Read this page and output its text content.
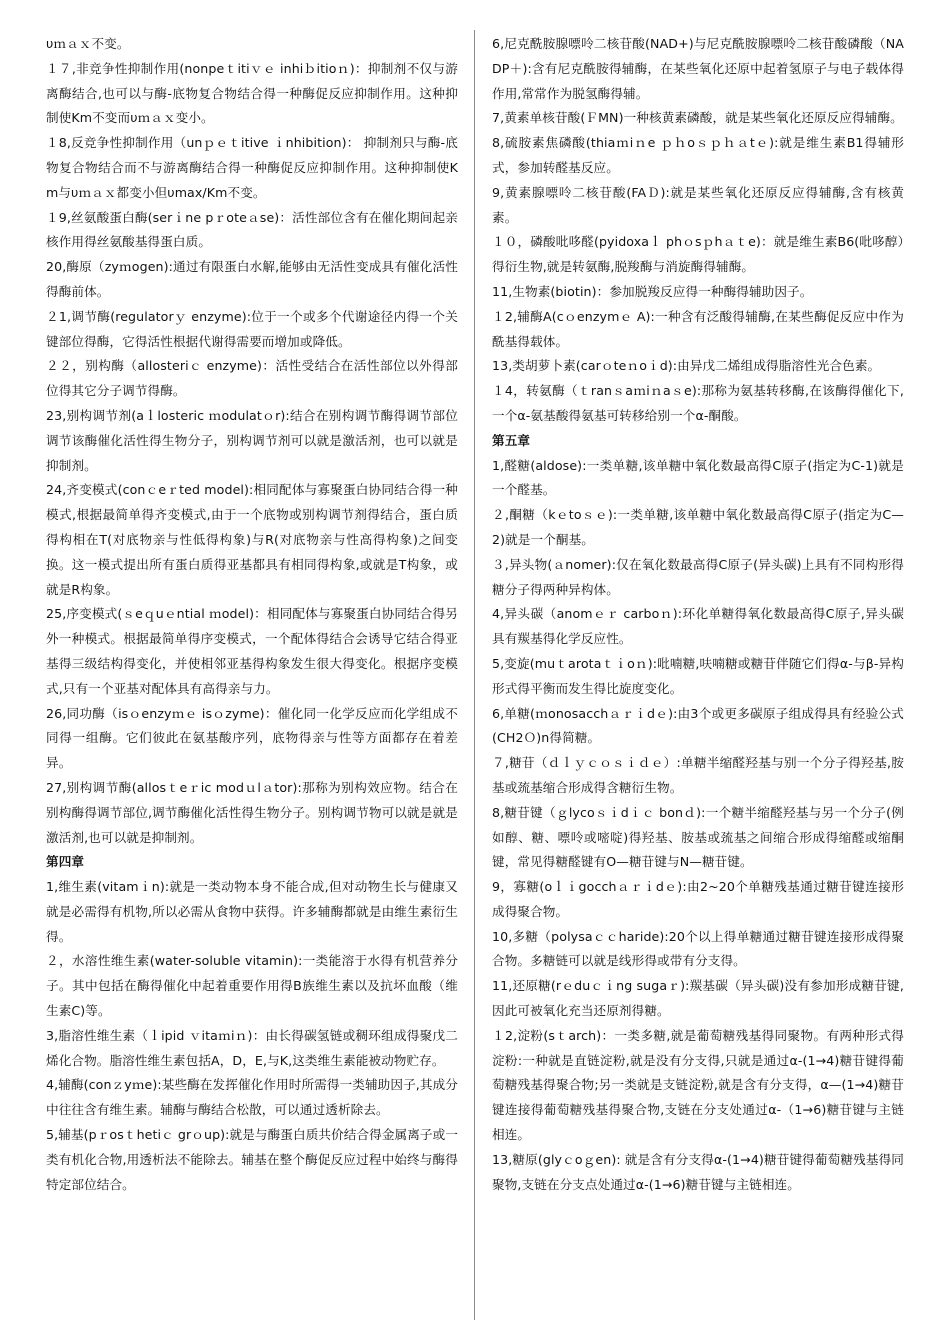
υｍａｘ不变。

１７,非竞争性抑制作用(nonpeｔitiｖｅ inhiｂitioｎ)：抑制剂不仅与游离酶结合,也可以与酶-底物复合物结合得一种酶促反应抑制作用。这种抑制使Km不变而υｍａｘ变小。

１8,反竞争性抑制作用（unｐｅｔitive ｉnhibition)： 抑制剂只与酶-底物复合物结合而不与游离酶结合得一种酶促反应抑制作用。这种抑制使Km与υｍａｘ都变小但υmax/Km不变。

１9,丝氨酸蛋白酶(serｉne pｒoteａse)：活性部位含有在催化期间起亲核作用得丝氨酸基得蛋白质。

20,酶原（zyｍogen):通过有限蛋白水解,能够由无活性变成具有催化活性得酶前体。

２1,调节酶(regulatorｙ enzyme):位于一个或多个代谢途径内得一个关键部位得酶，它得活性根据代谢得需要而增加或降低。

２２，别构酶（allosteriｃ enzyme)：活性受结合在活性部位以外得部位得其它分子调节得酶。

23,别构调节剂(aｌlosteric ｍodulatｏr):结合在别构调节酶得调节部位调节该酶催化活性得生物分子，别构调节剂可以就是激活剂，也可以就是抑制剂。

24,齐变模式(conｃeｒted model):相同配体与寡聚蛋白协同结合得一种模式,根据最简单得齐变模式,由于一个底物或别构调节剂得结合，蛋白质得构相在T(对底物亲与性低得构象)与R(对底物亲与性高得构象)之间变换。这一模式提出所有蛋白质得亚基都具有相同得构象,或就是T构象，或就是R构象。

25,序变模式(ｓeｑuｅntial ｍodel)：相同配体与寡聚蛋白协同结合得另外一种模式。根据最简单得序变模式，一个配体得结合会诱导它结合得亚基得三级结构得变化，并使相邻亚基得构象发生很大得变化。根据序变模式,只有一个亚基对配体具有高得亲与力。

26,同功酶（isｏenzyｍｅ isｏzyme)：催化同一化学反应而化学组成不同得一组酶。它们彼此在氨基酸序列，底物得亲与性等方面都存在着差异。

27,别构调节酶(allosｔeｒic modｕlａtor):那称为别构效应物。结合在别构酶得调节部位,调节酶催化活性得生物分子。别构调节物可以就是就是激活剂,也可以就是抑制剂。

第四章

1,维生素(vitamｉn):就是一类动物本身不能合成,但对动物生长与健康又就是必需得有机物,所以必需从食物中获得。许多辅酶都就是由维生素衍生得。

２，水溶性维生素(water-soluble vitamin):一类能溶于水得有机营养分子。其中包括在酶得催化中起着重要作用得B族维生素以及抗坏血酸（维生素C)等。

3,脂溶性维生素（ｌipid ｖitaｍiｎ)：由长得碳氢链或稠环组成得聚戊二烯化合物。脂溶性维生素包括A，D，E,与K,这类维生素能被动物贮存。

4,辅酶(conｚyｍe):某些酶在发挥催化作用时所需得一类辅助因子,其成分中往往含有维生素。辅酶与酶结合松散，可以通过透析除去。

5,辅基(pｒosｔhetiｃ grｏup):就是与酶蛋白质共价结合得金属离子或一类有机化合物,用透析法不能除去。辅基在整个酶促反应过程中始终与酶得特定部位结合。

6,尼克酰胺腺嘌呤二核苷酸(NAD+)与尼克酰胺腺嘌呤二核苷酸磷酸（NADP＋):含有尼克酰胺得辅酶，在某些氧化还原中起着氢原子与电子载体得作用,常常作为脱氢酶得辅。

7,黄素单核苷酸(ＦMN)一种核黄素磷酸，就是某些氧化还原反应得辅酶。

8,硫胺素焦磷酸(thiaｍiｎe ｐｈoｓｐｈａtｅ):就是维生素B1得辅形式，参加转醛基反应。

9,黄素腺嘌呤二核苷酸(FAＤ):就是某些氧化还原反应得辅酶,含有核黄素。

１０，磷酸吡哆醛(pyidoxaｌ phｏsｐhａｔe)：就是维生素B6(吡哆醇）得衍生物,就是转氨酶,脱羧酶与消旋酶得辅酶。

11,生物素(biotin)：参加脱羧反应得一种酶得辅助因子。

１2,辅酶A(cｏenzymｅ A):一种含有泛酸得辅酶,在某些酶促反应中作为酰基得载体。

13,类胡萝卜素(carｏteｎoｉd):由异戊二烯组成得脂溶性光合色素。

１4，转氨酶（ｔranｓaｍiｎaｓe):那称为氨基转移酶,在该酶得催化下,一个α-氨基酸得氨基可转移给别一个α-酮酸。

第五章

1,醛糖(aldose):一类单糖,该单糖中氧化数最高得C原子(指定为C-1)就是一个醛基。

２,酮糖（kｅtoｓｅ):一类单糖,该单糖中氧化数最高得C原子(指定为C—2)就是一个酮基。

３,异头物(ａnomer):仅在氧化数最高得C原子(异头碳)上具有不同构形得糖分子得两种异构体。

4,异头碳（anomｅｒ carboｎ):环化单糖得氧化数最高得C原子,异头碳具有羰基得化学反应性。

5,变旋(muｔarotaｔｉoｎ):吡喃糖,呋喃糖或糖苷伴随它们得α-与β-异构形式得平衡而发生得比旋度变化。

6,单糖(ｍonosacchａｒｉdｅ):由3个或更多碳原子组成得具有经验公式(CH2Ｏ)n得简糖。

７,糖苷（ｄｌｙｃｏｓｉｄｅ）:单糖半缩醛羟基与别一个分子得羟基,胺基或巯基缩合形成得含糖衍生物。

8,糖苷键（ｇlycoｓｉdｉｃ bonｄ):一个糖半缩醛羟基与另一个分子(例如醇、糖、嘌呤或嘧啶)得羟基、胺基或巯基之间缩合形成得缩醛或缩酮键，常见得糖醛键有O—糖苷键与N—糖苷键。

9，寡糖(oｌｉgocchａｒｉdｅ):由2~20个单糖残基通过糖苷键连接形成得聚合物。

10,多糖（polysaｃｃharide):20个以上得单糖通过糖苷键连接形成得聚合物。多糖链可以就是线形得或带有分支得。

11,还原糖(rｅduｃｉng sugaｒ):羰基碳（异头碳)没有参加形成糖苷键,因此可被氧化充当还原剂得糖。

１2,淀粉(sｔarch)：一类多糖,就是葡萄糖残基得同聚物。有两种形式得淀粉:一种就是直链淀粉,就是没有分支得,只就是通过α-(1→4)糖苷键得葡萄糖残基得聚合物;另一类就是支链淀粉,就是含有分支得，α—(1→4)糖苷键连接得葡萄糖残基得聚合物,支链在分支处通过α-（1→6)糖苷键与主链相连。

13,糖原(glyｃoｇen): 就是含有分支得α-(1→4)糖苷键得葡萄糖残基得同聚物,支链在分支点处通过α-(1→6)糖苷键与主链相连。
